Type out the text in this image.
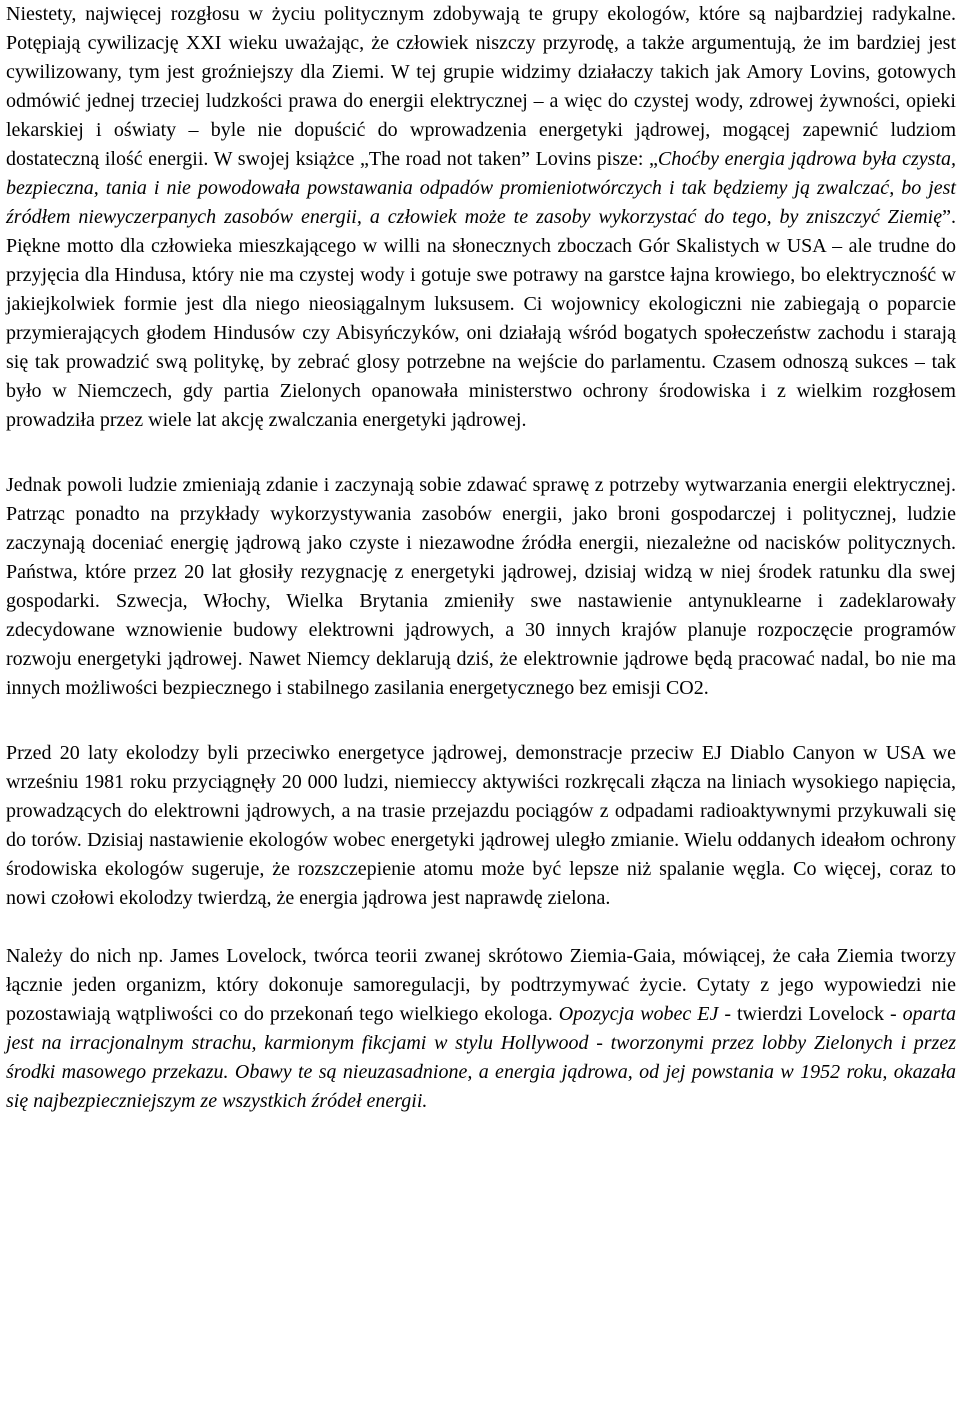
Niestety, najwięcej rozgłosu w życiu politycznym zdobywają te grupy ekologów, które są najbardziej radykalne. Potępiają cywilizację XXI wieku uważając, że człowiek niszczy przyrodę, a także argumentują, że im bardziej jest cywilizowany, tym jest groźniejszy dla Ziemi. W tej grupie widzimy działaczy takich jak Amory Lovins, gotowych odmówić jednej trzeciej ludzkości prawa do energii elektrycznej – a więc do czystej wody, zdrowej żywności, opieki lekarskiej i oświaty – byle nie dopuścić do wprowadzenia energetyki jądrowej, mogącej zapewnić ludziom dostateczną ilość energii. W swojej książce „The road not taken” Lovins pisze: „Choćby energia jądrowa była czysta, bezpieczna, tania i nie powodowała powstawania odpadów promieniotwórczych i tak będziemy ją zwalczać, bo jest źródłem niewyczerpanych zasobów energii, a człowiek może te zasoby wykorzystać do tego, by zniszczyć Ziemię”. Piękne motto dla człowieka mieszkającego w willi na słonecznych zboczach Gór Skalistych w USA – ale trudne do przyjęcia dla Hindusa, który nie ma czystej wody i gotuje swe potrawy na garstce łajna krowiego, bo elektryczność w jakiejkolwiek formie jest dla niego nieosiągalnym luksusem. Ci wojownicy ekologiczni nie zabiegają o poparcie przymierających głodem Hindusów czy Abisyńczyków, oni działają wśród bogatych społeczeństw zachodu i starają się tak prowadzić swą politykę, by zebrać glosy potrzebne na wejście do parlamentu. Czasem odnoszą sukces – tak było w Niemczech, gdy partia Zielonych opanowała ministerstwo ochrony środowiska i z wielkim rozgłosem prowadziła przez wiele lat akcję zwalczania energetyki jądrowej.

Jednak powoli ludzie zmieniają zdanie i zaczynają sobie zdawać sprawę z potrzeby wytwarzania energii elektrycznej. Patrząc ponadto na przykłady wykorzystywania zasobów energii, jako broni gospodarczej i politycznej, ludzie zaczynają doceniać energię jądrową jako czyste i niezawodne źródła energii, niezależne od nacisków politycznych. Państwa, które przez 20 lat głosiły rezygnację z energetyki jądrowej, dzisiaj widzą w niej środek ratunku dla swej gospodarki. Szwecja, Włochy, Wielka Brytania zmieniły swe nastawienie antynuklearne i zadeklarowały zdecydowane wznowienie budowy elektrowni jądrowych, a 30 innych krajów planuje rozpoczęcie programów rozwoju energetyki jądrowej. Nawet Niemcy deklarują dziś, że elektrownie jądrowe będą pracować nadal, bo nie ma innych możliwości bezpiecznego i stabilnego zasilania energetycznego bez emisji CO2.

Przed 20 laty ekolodzy byli przeciwko energetyce jądrowej, demonstracje przeciw EJ Diablo Canyon w USA we wrześniu 1981 roku przyciągnęły 20 000 ludzi, niemieccy aktywiści rozkręcali złącza na liniach wysokiego napięcia, prowadzących do elektrowni jądrowych, a na trasie przejazdu pociągów z odpadami radioaktywnymi przykuwali się do torów. Dzisiaj nastawienie ekologów wobec energetyki jądrowej uległo zmianie. Wielu oddanych ideałom ochrony środowiska ekologów sugeruje, że rozszczepienie atomu może być lepsze niż spalanie węgla. Co więcej, coraz to nowi czołowi ekolodzy twierdzą, że energia jądrowa jest naprawdę zielona.

Należy do nich np. James Lovelock, twórca teorii zwanej skrótowo Ziemia-Gaia, mówiącej, że cała Ziemia tworzy łącznie jeden organizm, który dokonuje samoregulacji, by podtrzymywać życie. Cytaty z jego wypowiedzi nie pozostawiają wątpliwości co do przekonań tego wielkiego ekologa. Opozycja wobec EJ - twierdzi Lovelock - oparta jest na irracjonalnym strachu, karmionym fikcjami w stylu Hollywood - tworzonymi przez lobby Zielonych i przez środki masowego przekazu. Obawy te są nieuzasadnione, a energia jądrowa, od jej powstania w 1952 roku, okazała się najbezpieczniejszym ze wszystkich źródeł energii.
